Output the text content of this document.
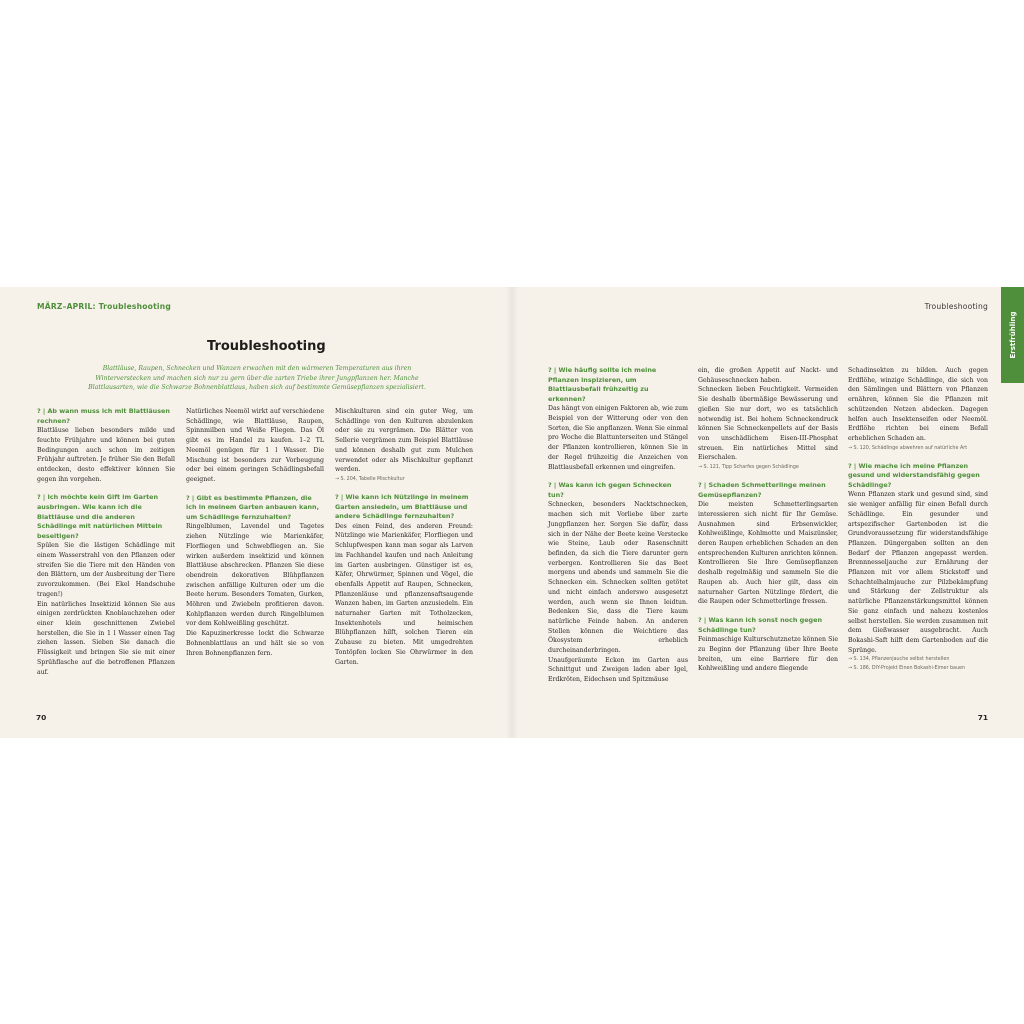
MÄRZ–APRIL: Troubleshooting
Troubleshooting
Blattläuse, Raupen, Schnecken und Wanzen erwachen mit den wärmeren Temperaturen aus ihren Winterverstecken und machen sich nur zu gern über die zarten Triebe ihrer Jungpflanzen her. Manche Blattlausarten, wie die Schwarze Bohnenblattlaus, haben sich auf bestimmte Gemüsepflanzen spezialisiert.

? | Ab wann muss ich mit Blattläusen rechnen?

Blattläuse lieben besonders milde und feuchte Frühjahre und können bei guten Bedingungen auch schon im zeitigen Frühjahr auftreten. Je früher Sie den Befall entdecken, desto effektiver können Sie gegen ihn vorgehen.

? | Ich möchte kein Gift im Garten ausbringen. Wie kann ich die Blattläuse und die anderen Schädlinge mit natürlichen Mitteln beseitigen?

Spülen Sie die lästigen Schädlinge mit einem Wasserstrahl von den Pflanzen oder streifen Sie die Tiere mit den Händen von den Blättern, um der Ausbreitung der Tiere zuvorzukommen. (Bei Ekel Handschuhe tragen!)

Ein natürliches Insektizid können Sie aus einigen zerdrückten Knoblauchzehen oder einer klein geschnittenen Zwiebel herstellen, die Sie in 1 l Wasser einen Tag ziehen lassen. Sieben Sie danach die Flüssigkeit und bringen Sie sie mit einer Sprühflasche auf die betroffenen Pflanzen auf.

Natürliches Neemöl wirkt auf verschiedene Schädlinge, wie Blattläuse, Raupen, Spinnmilben und Weiße Fliegen. Das Öl gibt es im Handel zu kaufen. 1–2 TL Neemöl genügen für 1 l Wasser. Die Mischung ist besonders zur Vorbeugung oder bei einem geringen Schädlingsbefall geeignet.

? | Gibt es bestimmte Pflanzen, die ich in meinem Garten anbauen kann, um Schädlinge fernzuhalten?

Ringelblumen, Lavendel und Tagetes ziehen Nützlinge wie Marienkäfer, Florfliegen und Schwebfliegen an. Sie wirken außerdem insektizid und können Blattläuse abschrecken. Pflanzen Sie diese obendrein dekorativen Blühpflanzen zwischen anfällige Kulturen oder um die Beete herum. Besonders Tomaten, Gurken, Möhren und Zwiebeln profitieren davon. Kohlpflanzen werden durch Ringelblumen vor dem Kohlweißling geschützt.

Die Kapuzinerkresse lockt die Schwarze Bohnenblattlaus an und hält sie so von Ihren Bohnenpflanzen fern.

Mischkulturen sind ein guter Weg, um Schädlinge von den Kulturen abzulenken oder sie zu vergrämen. Die Blätter von Sellerie vergrämen zum Beispiel Blattläuse und können deshalb gut zum Mulchen verwendet oder als Mischkultur gepflanzt werden.

→ S. 204, Tabelle Mischkultur

? | Wie kann ich Nützlinge in meinem Garten ansiedeln, um Blattläuse und andere Schädlinge fernzuhalten?

Des einen Feind, des anderen Freund: Nützlinge wie Marienkäfer, Florfliegen und Schlupfwespen kann man sogar als Larven im Fachhandel kaufen und nach Anleitung im Garten ausbringen. Günstiger ist es, Käfer, Ohrwürmer, Spinnen und Vögel, die ebenfalls Appetit auf Raupen, Schnecken, Pflanzenläuse und pflanzensaftsaugende Wanzen haben, im Garten anzusiedeln. Ein naturnaher Garten mit Totholzecken, Insektenhotels und heimischen Blühpflanzen hilft, solchen Tieren ein Zuhause zu bieten. Mit umgedrehten Tontöpfen locken Sie Ohrwürmer in den Garten.

70
Troubleshooting
Erstfrühling

? | Wie häufig sollte ich meine Pflanzen inspizieren, um Blattlausbefall frühzeitig zu erkennen?

Das hängt von einigen Faktoren ab, wie zum Beispiel von der Witterung oder von den Sorten, die Sie anpflanzen. Wenn Sie einmal pro Woche die Blattunterseiten und Stängel der Pflanzen kontrollieren, können Sie in der Regel frühzeitig die Anzeichen von Blattlausbefall erkennen und eingreifen.

? | Was kann ich gegen Schnecken tun?

Schnecken, besonders Nacktschnecken, machen sich mit Vorliebe über zarte Jungpflanzen her. Sorgen Sie dafür, dass sich in der Nähe der Beete keine Verstecke wie Steine, Laub oder Rasenschnitt befinden, da sich die Tiere darunter gern verbergen. Kontrollieren Sie das Beet morgens und abends und sammeln Sie die Schnecken ein. Schnecken sollten getötet und nicht einfach anderswo ausgesetzt werden, auch wenn sie Ihnen leidtun. Bedenken Sie, dass die Tiere kaum natürliche Feinde haben. An anderen Stellen können die Weichtiere das Ökosystem erheblich durcheinanderbringen.

Unaufgeräumte Ecken im Garten aus Schnittgut und Zweigen laden aber Igel, Erdkröten, Eidechsen und Spitzmäuse

ein, die großen Appetit auf Nackt- und Gehäuseschnecken haben.

Schnecken lieben Feuchtigkeit. Vermeiden Sie deshalb übermäßige Bewässerung und gießen Sie nur dort, wo es tatsächlich notwendig ist. Bei hohem Schneckendruck können Sie Schneckenpellets auf der Basis von unschädlichem Eisen-III-Phosphat streuen. Ein natürliches Mittel sind Eierschalen.

→ S. 121, Tipp Scharfes gegen Schädlinge

? | Schaden Schmetterlinge meinen Gemüsepflanzen?

Die meisten Schmetterlingsarten interessieren sich nicht für Ihr Gemüse. Ausnahmen sind Erbsenwickler, Kohlweißlinge, Kohlmotte und Maiszünsler, deren Raupen erheblichen Schaden an den entsprechenden Kulturen anrichten können. Kontrollieren Sie Ihre Gemüsepflanzen deshalb regelmäßig und sammeln Sie die Raupen ab. Auch hier gilt, dass ein naturnaher Garten Nützlinge fördert, die die Raupen oder Schmetterlinge fressen.

? | Was kann ich sonst noch gegen Schädlinge tun?

Feinmaschige Kulturschutznetze können Sie zu Beginn der Pflanzung über Ihre Beete breiten, um eine Barriere für den Kohlweißling und andere fliegende

Schadinsekten zu bilden. Auch gegen Erdflöhe, winzige Schädlinge, die sich von den Sämlingen und Blättern von Pflanzen ernähren, können Sie die Pflanzen mit schützenden Netzen abdecken. Dagegen helfen auch Insektenseifen oder Neemöl. Erdflöhe richten bei einem Befall erheblichen Schaden an.

→ S. 120, Schädlinge abwehren auf natürliche Art

? | Wie mache ich meine Pflanzen gesund und widerstandsfähig gegen Schädlinge?

Wenn Pflanzen stark und gesund sind, sind sie weniger anfällig für einen Befall durch Schädlinge. Ein gesunder und artspezifischer Gartenboden ist die Grundvoraussetzung für widerstandsfähige Pflanzen. Düngergaben sollten an den Bedarf der Pflanzen angepasst werden. Brennnesseljauche zur Ernährung der Pflanzen mit vor allem Stickstoff und Schachtelhalmjauche zur Pilzbekämpfung und Stärkung der Zellstruktur als natürliche Pflanzenstärkungsmittel können Sie ganz einfach und nahezu kostenlos selbst herstellen. Sie werden zusammen mit dem Gießwasser ausgebracht. Auch Bokashi-Saft hilft dem Gartenboden auf die Sprünge.

→ S. 134, Pflanzenjauche selbst herstellen

→ S. 186, DIY-Projekt Einen Bokashi-Eimer bauen

71
